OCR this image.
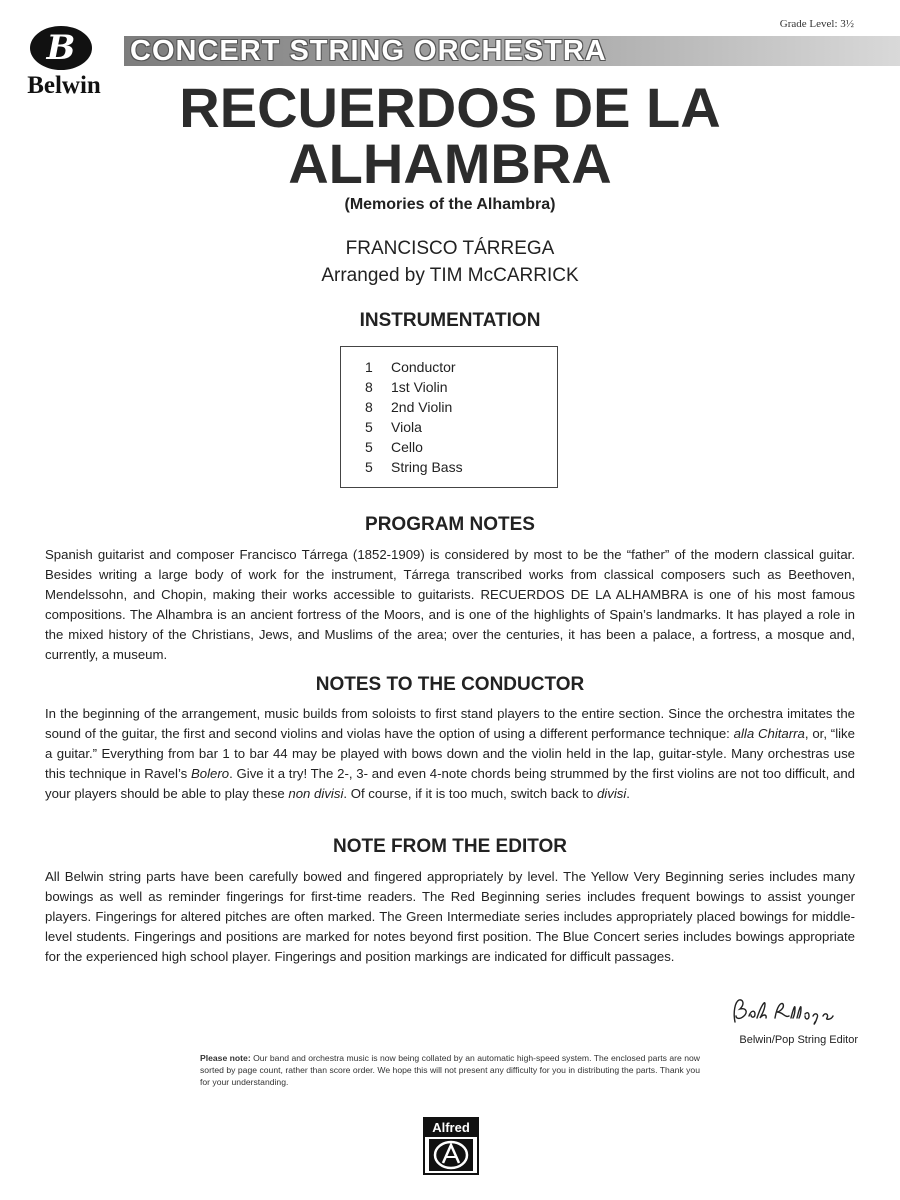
B
Belwin
CONCERT STRING ORCHESTRA
Grade Level: 3½
RECUERDOS DE LA
ALHAMBRA
(Memories of the Alhambra)
FRANCISCO TÁRREGA
Arranged by TIM McCARRICK
INSTRUMENTATION
1 Conductor
8 1st Violin
8 2nd Violin
5 Viola
5 Cello
5 String Bass
PROGRAM NOTES

Spanish guitarist and composer Francisco Tárrega (1852-1909) is considered by most to be the “father” of the modern classical guitar. Besides writing a large body of work for the instrument, Tárrega transcribed works from classical composers such as Beethoven, Mendelssohn, and Chopin, making their works accessible to guitarists. RECUERDOS DE LA ALHAMBRA is one of his most famous compositions. The Alhambra is an ancient fortress of the Moors, and is one of the highlights of Spain’s landmarks. It has played a role in the mixed history of the Christians, Jews, and Muslims of the area; over the centuries, it has been a palace, a fortress, a mosque and, currently, a museum.

NOTES TO THE CONDUCTOR

In the beginning of the arrangement, music builds from soloists to first stand players to the entire section. Since the orchestra imitates the sound of the guitar, the first and second violins and violas have the option of using a different performance technique: alla Chitarra, or, “like a guitar.” Everything from bar 1 to bar 44 may be played with bows down and the violin held in the lap, guitar-style. Many orchestras use this technique in Ravel’s Bolero. Give it a try! The 2-, 3- and even 4-note chords being strummed by the first violins are not too difficult, and your players should be able to play these non divisi. Of course, if it is too much, switch back to divisi.

NOTE FROM THE EDITOR

All Belwin string parts have been carefully bowed and fingered appropriately by level. The Yellow Very Beginning series includes many bowings as well as reminder fingerings for first-time readers. The Red Beginning series includes frequent bowings to assist younger players. Fingerings for altered pitches are often marked. The Green Intermediate series includes appropriately placed bowings for middle-level students. Fingerings and positions are marked for notes beyond first position. The Blue Concert series includes bowings appropriate for the experienced high school player. Fingerings and position markings are indicated for difficult passages.

Belwin/Pop String Editor

Please note: Our band and orchestra music is now being collated by an automatic high-speed system. The enclosed parts are now sorted by page count, rather than score order. We hope this will not present any difficulty for you in distributing the parts. Thank you for your understanding.

Alfred
